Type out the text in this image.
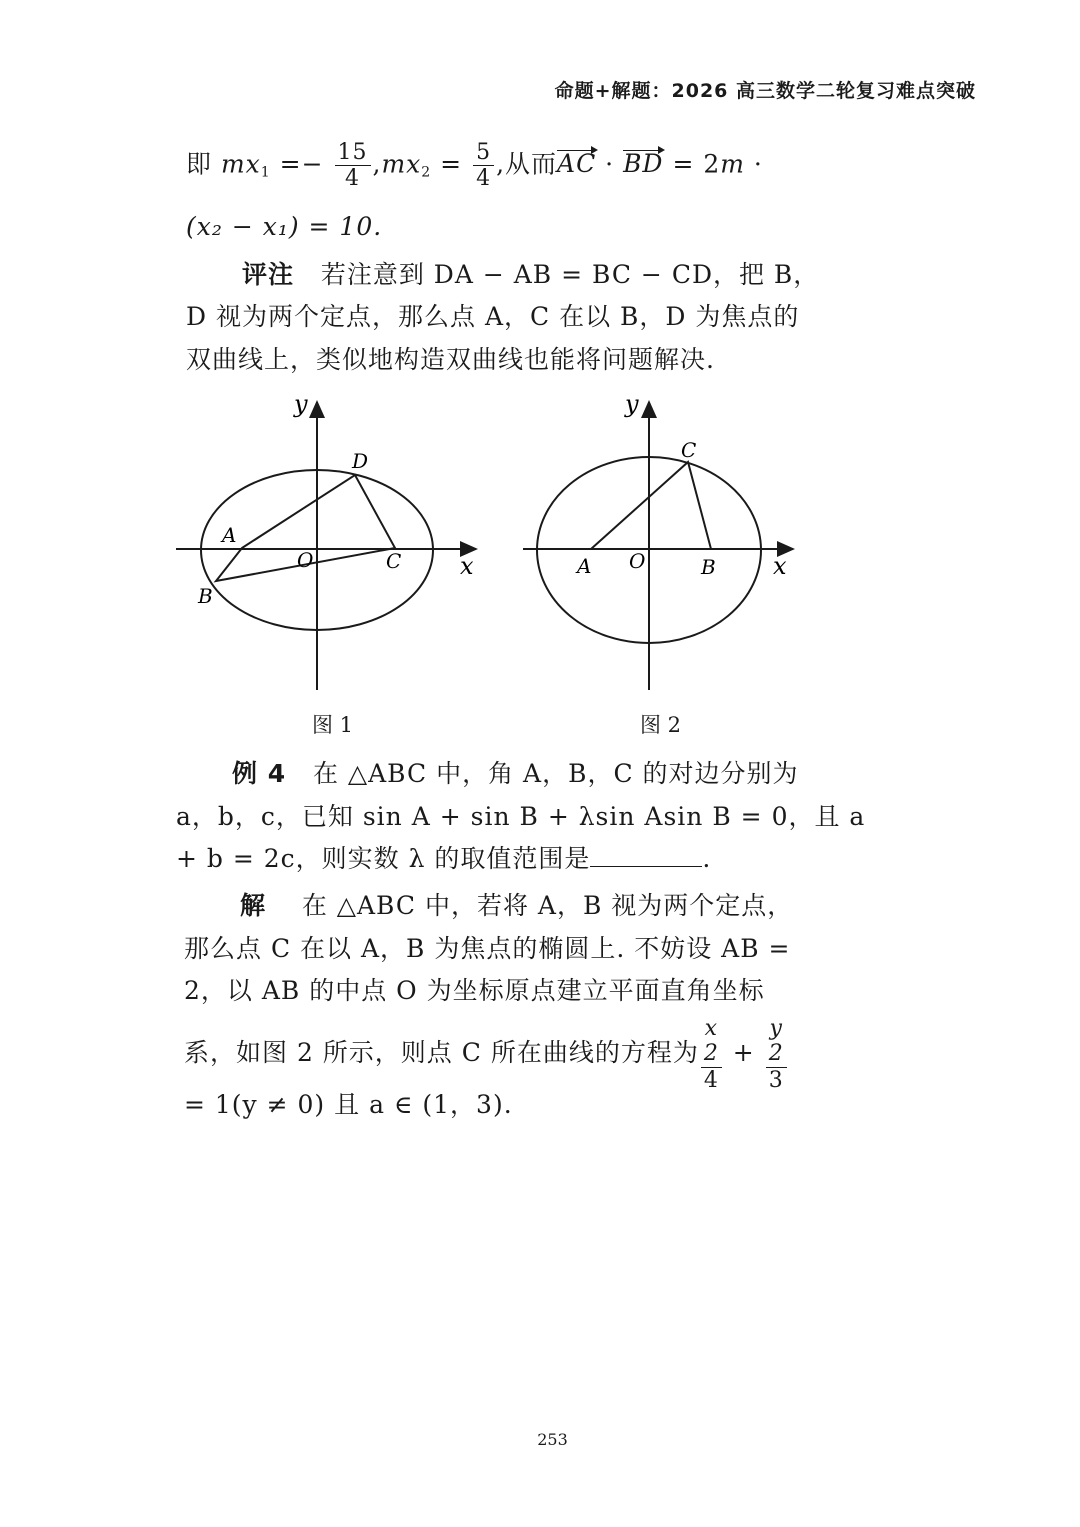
命题+解题：2026 高三数学二轮复习难点突破
即 $mx_1 =- \frac{15}{4} ,mx_2 = \frac{5}{4}$ ,从而AC · BD = 2m ·
(x₂ − x₁) = 10.
评注 若注意到 DA − AB = BC − CD，把 B，
D 视为两个定点，那么点 A，C 在以 B，D 为焦点的
双曲线上，类似地构造双曲线也能将问题解决.
y
x
O
A
B
C
D
图 1
y
x
O
A	B
C
图 2
例 4 在 △ABC 中，角 A，B，C 的对边分别为
a，b，c，已知 sin A + sin B + λsin Asin B = 0，且 a
+ b = 2c，则实数 λ 的取值范围是	.
解 在 △ABC 中，若将 A，B 视为两个定点，
那么点 C 在以 A，B 为焦点的椭圆上. 不妨设 AB =
2，以 AB 的中点 O 为坐标原点建立平面直角坐标
系，如图 2 所示，则点 C 所在曲线的方程为 x
2
4 + y
2
3
= 1(y ≠ 0) 且 a ∈ (1，3).
253
